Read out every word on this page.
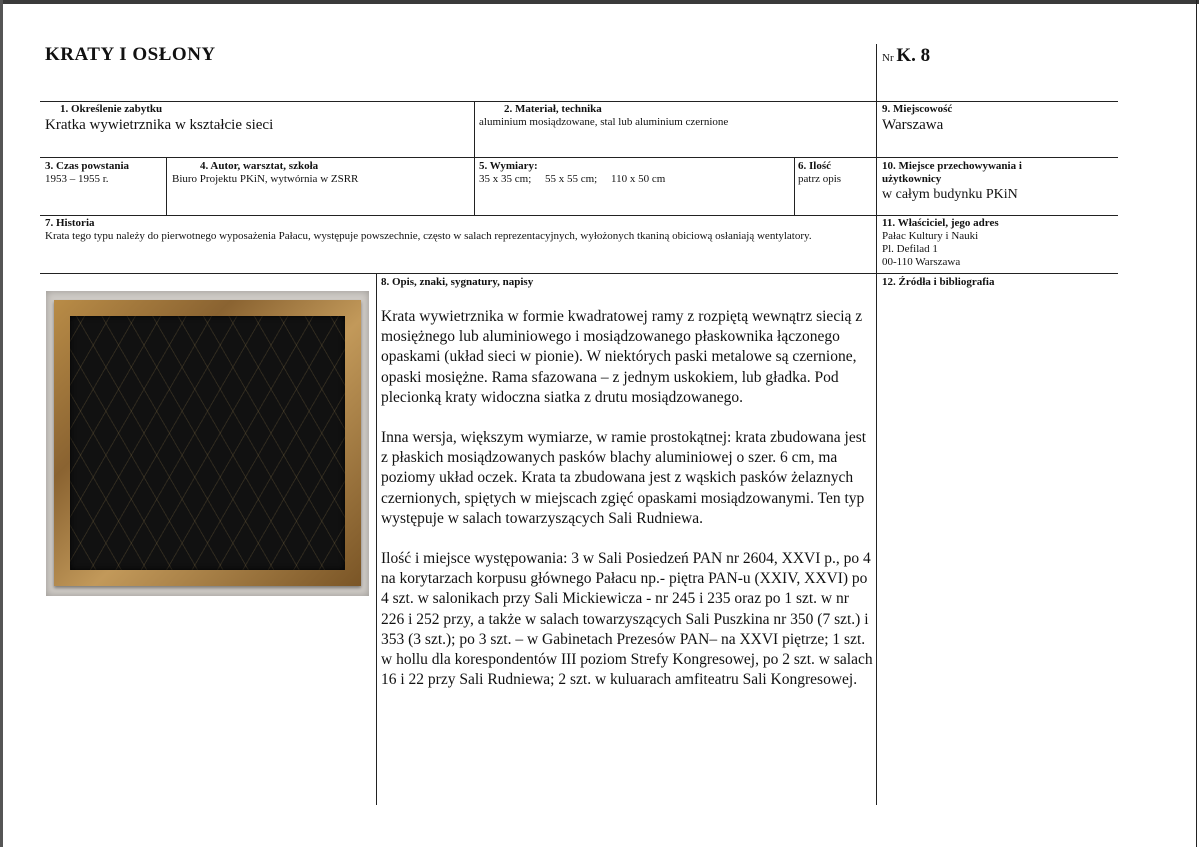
KRATY I OSŁONY	Nr K. 8
1. Określenie zabytku
Kratka wywietrznika w kształcie sieci
2. Materiał, technika
aluminium mosiądzowane, stal lub aluminium czernione
9. Miejscowość
Warszawa
3. Czas powstania
1953 – 1955 r.
4. Autor, warsztat, szkoła
Biuro Projektu PKiN, wytwórnia w ZSRR
5. Wymiary:
35 x 35 cm;     55 x 55 cm;     110 x 50 cm
6. Ilość
patrz opis
10. Miejsce przechowywania i użytkownicy
w całym budynku PKiN
7. Historia
Krata tego typu należy do pierwotnego wyposażenia Pałacu, występuje powszechnie, często w salach reprezentacyjnych, wyłożonych tkaniną obiciową osłaniają wentylatory.
11. Właściciel, jego adres
Pałac Kultury i Nauki
Pl. Defilad 1
00-110 Warszawa
8. Opis, znaki, sygnatury, napisy

Krata wywietrznika w formie kwadratowej ramy z rozpiętą wewnątrz siecią z mosiężnego lub aluminiowego i mosiądzowanego płaskownika łączonego opaskami (układ sieci w pionie). W niektórych paski metalowe są czernione, opaski mosiężne. Rama sfazowana – z jednym uskokiem, lub gładka. Pod plecionką kraty widoczna siatka z drutu mosiądzowanego.

Inna wersja, większym wymiarze, w ramie prostokątnej: krata zbudowana jest z płaskich mosiądzowanych pasków blachy aluminiowej o szer. 6 cm, ma poziomy układ oczek. Krata ta zbudowana jest z wąskich pasków żelaznych czernionych, spiętych w miejscach zgięć opaskami mosiądzowanymi. Ten typ występuje w salach towarzyszących Sali Rudniewa.

Ilość i miejsce występowania: 3 w Sali Posiedzeń PAN nr 2604, XXVI p., po 4 na korytarzach korpusu głównego Pałacu np.- piętra PAN-u (XXIV, XXVI) po 4 szt. w salonikach przy Sali Mickiewicza - nr 245 i 235 oraz po 1 szt. w nr 226 i 252 przy, a także w salach towarzyszących Sali Puszkina nr 350 (7 szt.) i 353 (3 szt.); po 3 szt. – w Gabinetach Prezesów PAN– na XXVI piętrze; 1 szt. w hollu dla korespondentów III poziom Strefy Kongresowej, po 2 szt. w salach 16 i 22 przy Sali Rudniewa; 2 szt. w kuluarach amfiteatru Sali Kongresowej.

12. Źródła i bibliografia
